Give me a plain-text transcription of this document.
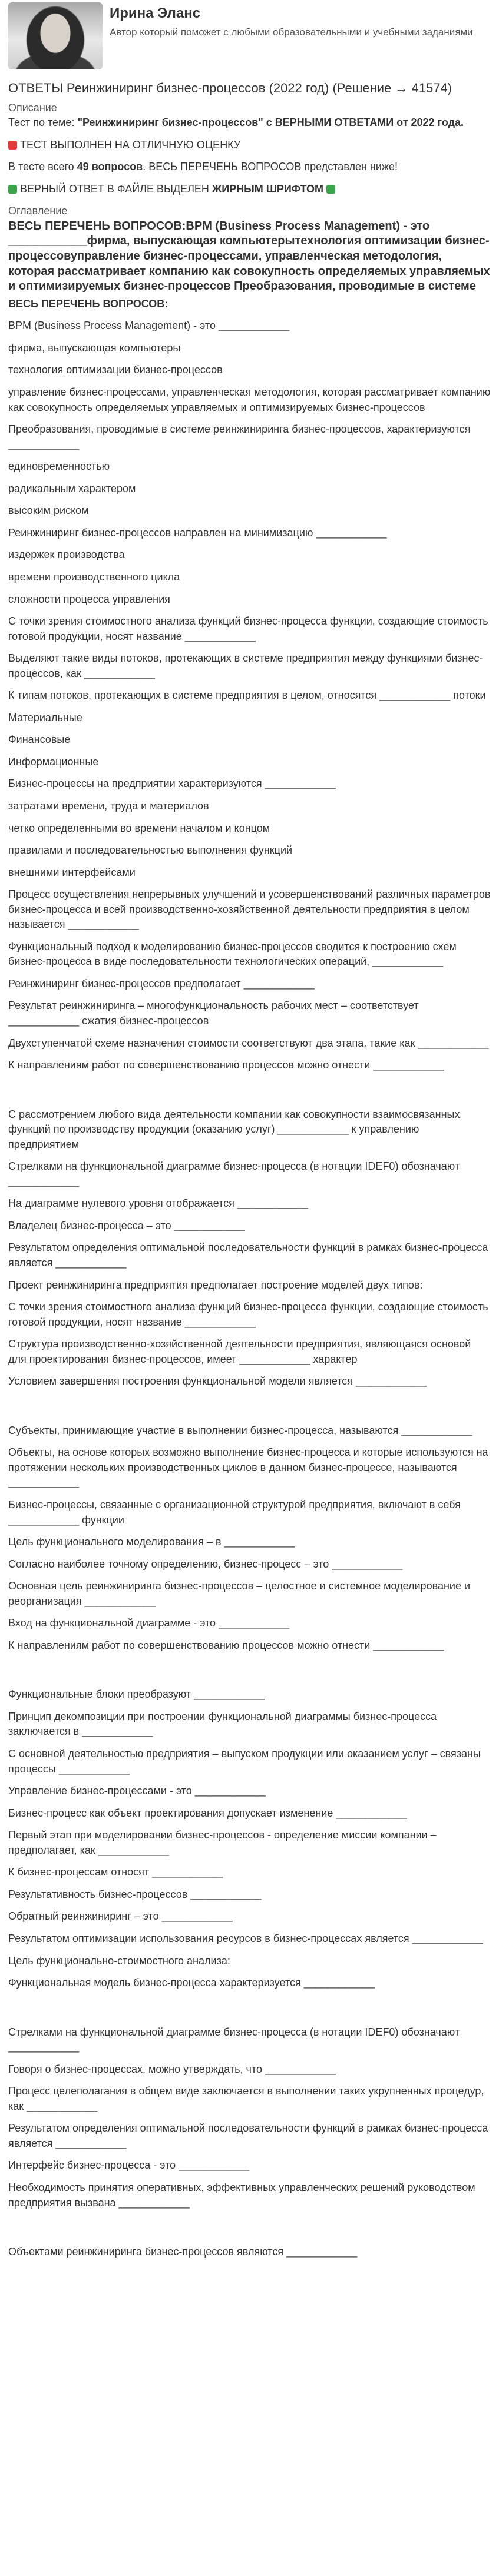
Ирина Эланс
Автор который поможет с любыми образовательными и учебными заданиями
ОТВЕТЫ Реинжиниринг бизнес-процессов (2022 год) (Решение → 41574)
Описание

Тест по теме: "Реинжиниринг бизнес-процессов" с ВЕРНЫМИ ОТВЕТАМИ от 2022 года.

ТЕСТ ВЫПОЛНЕН НА ОТЛИЧНУЮ ОЦЕНКУ

В тесте всего 49 вопросов. ВЕСЬ ПЕРЕЧЕНЬ ВОПРОСОВ представлен ниже!

ВЕРНЫЙ ОТВЕТ В ФАЙЛЕ ВЫДЕЛЕН ЖИРНЫМ ШРИФТОМ

Оглавление
ВЕСЬ ПЕРЕЧЕНЬ ВОПРОСОВ:BPM (Business Process Management) - это ____________фирма, выпускающая компьютерытехнология оптимизации бизнес-процессовуправление бизнес-процессами, управленческая методология, которая рассматривает компанию как совокупность определяемых управляемых и оптимизируемых бизнес-процессов Преобразования, проводимые в системе
ВЕСЬ ПЕРЕЧЕНЬ ВОПРОСОВ:

BPM (Business Process Management) - это ____________

фирма, выпускающая компьютеры

технология оптимизации бизнес-процессов

управление бизнес-процессами, управленческая методология, которая рассматривает компанию как совокупность определяемых управляемых и оптимизируемых бизнес-процессов

Преобразования, проводимые в системе реинжиниринга бизнес-процессов, характеризуются ____________

единовременностью

радикальным характером

высоким риском

Реинжиниринг бизнес-процессов направлен на минимизацию ____________

издержек производства

времени производственного цикла

сложности процесса управления

С точки зрения стоимостного анализа функций бизнес-процесса функции, создающие стоимость готовой продукции, носят название ____________

Выделяют такие виды потоков, протекающих в системе предприятия между функциями бизнес-процессов, как ____________

К типам потоков, протекающих в системе предприятия в целом, относятся ____________ потоки

Материальные

Финансовые

Информационные

Бизнес-процессы на предприятии характеризуются ____________

затратами времени, труда и материалов

четко определенными во времени началом и концом

правилами и последовательностью выполнения функций

внешними интерфейсами

Процесс осуществления непрерывных улучшений и усовершенствований различных параметров бизнес-процесса и всей производственно-хозяйственной деятельности предприятия в целом называется ____________

Функциональный подход к моделированию бизнес-процессов сводится к построению схем бизнес-процесса в виде последовательности технологических операций, ____________

Реинжиниринг бизнес-процессов предполагает ____________

Результат реинжиниринга – многофункциональность рабочих мест – соответствует ____________ сжатия бизнес-процессов

Двухступенчатой схеме назначения стоимости соответствуют два этапа, такие как ____________

К направлениям работ по совершенствованию процессов можно отнести ____________

С рассмотрением любого вида деятельности компании как совокупности взаимосвязанных функций по производству продукции (оказанию услуг) ____________ к управлению предприятием

Стрелками на функциональной диаграмме бизнес-процесса (в нотации IDEF0) обозначают ____________

На диаграмме нулевого уровня отображается ____________

Владелец бизнес-процесса – это ____________

Результатом определения оптимальной последовательности функций в рамках бизнес-процесса является ____________

Проект реинжиниринга предприятия предполагает построение моделей двух типов:

С точки зрения стоимостного анализа функций бизнес-процесса функции, создающие стоимость готовой продукции, носят название ____________

Структура производственно-хозяйственной деятельности предприятия, являющаяся основой для проектирования бизнес-процессов, имеет ____________ характер

Условием завершения построения функциональной модели является ____________

Субъекты, принимающие участие в выполнении бизнес-процесса, называются ____________

Объекты, на основе которых возможно выполнение бизнес-процесса и которые используются на протяжении нескольких производственных циклов в данном бизнес-процессе, называются ____________

Бизнес-процессы, связанные с организационной структурой предприятия, включают в себя ____________ функции

Цель функционального моделирования – в ____________

Согласно наиболее точному определению, бизнес-процесс – это ____________

Основная цель реинжиниринга бизнес-процессов – целостное и системное моделирование и реорганизация ____________

Вход на функциональной диаграмме - это ____________

К направлениям работ по совершенствованию процессов можно отнести ____________

Функциональные блоки преобразуют ____________

Принцип декомпозиции при построении функциональной диаграммы бизнес-процесса заключается в ____________

С основной деятельностью предприятия – выпуском продукции или оказанием услуг – связаны процессы ____________

Управление бизнес-процессами - это ____________

Бизнес-процесс как объект проектирования допускает изменение ____________

Первый этап при моделировании бизнес-процессов - определение миссии компании – предполагает, как ____________

К бизнес-процессам относят ____________

Результативность бизнес-процессов ____________

Обратный реинжиниринг – это ____________

Результатом оптимизации использования ресурсов в бизнес-процессах является ____________

Цель функционально-стоимостного анализа:

Функциональная модель бизнес-процесса характеризуется ____________

Стрелками на функциональной диаграмме бизнес-процесса (в нотации IDEF0) обозначают ____________

Говоря о бизнес-процессах, можно утверждать, что ____________

Процесс целеполагания в общем виде заключается в выполнении таких укрупненных процедур, как ____________

Результатом определения оптимальной последовательности функций в рамках бизнес-процесса является ____________

Интерфейс бизнес-процесса - это ____________

Необходимость принятия оперативных, эффективных управленческих решений руководством предприятия вызвана ____________

Объектами реинжиниринга бизнес-процессов являются ____________
